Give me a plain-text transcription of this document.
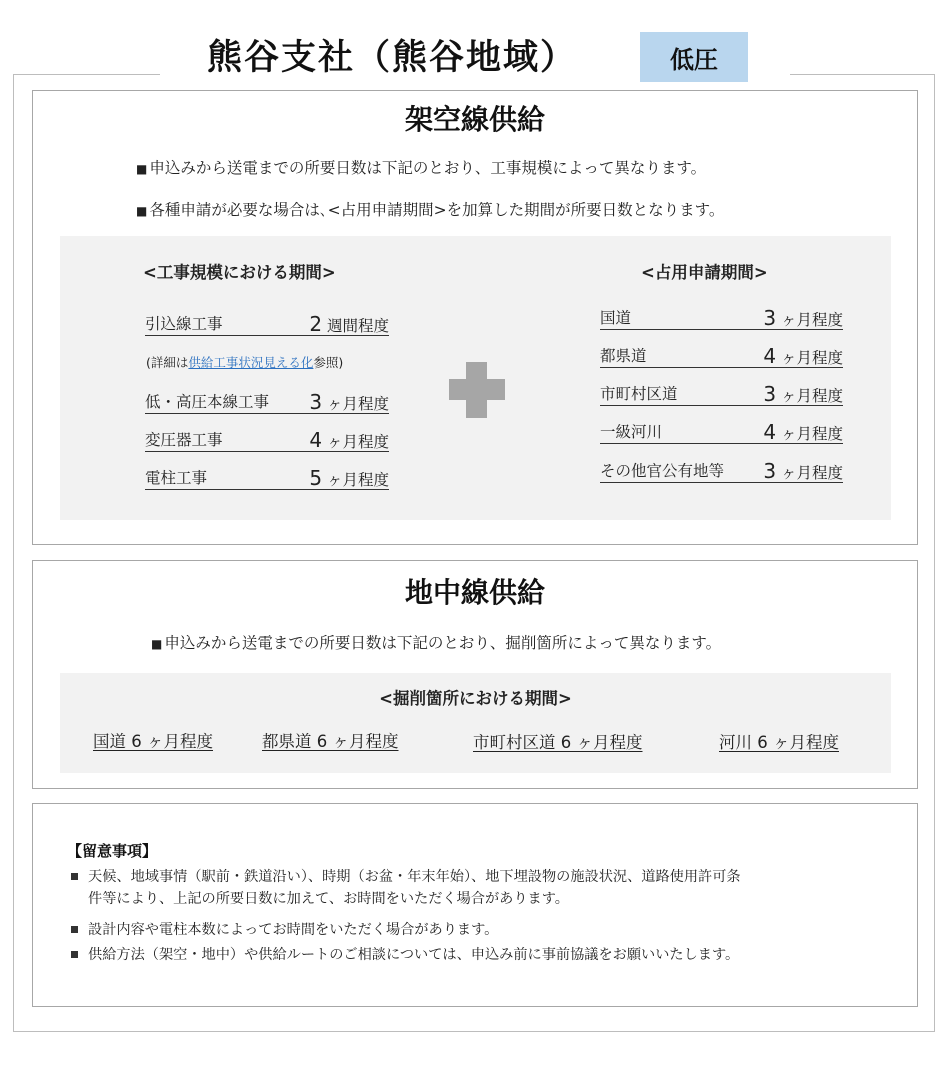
熊谷支社（熊谷地域）	低圧
架空線供給
■ 申込みから送電までの所要日数は下記のとおり、工事規模によって異なります。
■ 各種申請が必要な場合は､<占用申請期間>を加算した期間が所要日数となります。
<工事規模における期間>
引込線工事	2 週間程度
(詳細は供給工事状況見える化参照)
低・高圧本線工事 3 ヶ月程度
変圧器工事	4 ヶ月程度
電柱工事	5 ヶ月程度
<占用申請期間>
国道	3 ヶ月程度
都県道	4 ヶ月程度
市町村区道	3 ヶ月程度
一級河川	4 ヶ月程度
その他官公有地等 3 ヶ月程度
地中線供給
■ 申込みから送電までの所要日数は下記のとおり、掘削箇所によって異なります。
<掘削箇所における期間>
国道 6 ヶ月程度	都県道 6 ヶ月程度	市町村区道 6 ヶ月程度	河川 6 ヶ月程度
【留意事項】
天候、地域事情（駅前・鉄道沿い）、時期（お盆・年末年始）、地下埋設物の施設状況、道路使用許可条
件等により、上記の所要日数に加えて、お時間をいただく場合があります。
設計内容や電柱本数によってお時間をいただく場合があります。
供給方法（架空・地中）や供給ルートのご相談については、申込み前に事前協議をお願いいたします。
